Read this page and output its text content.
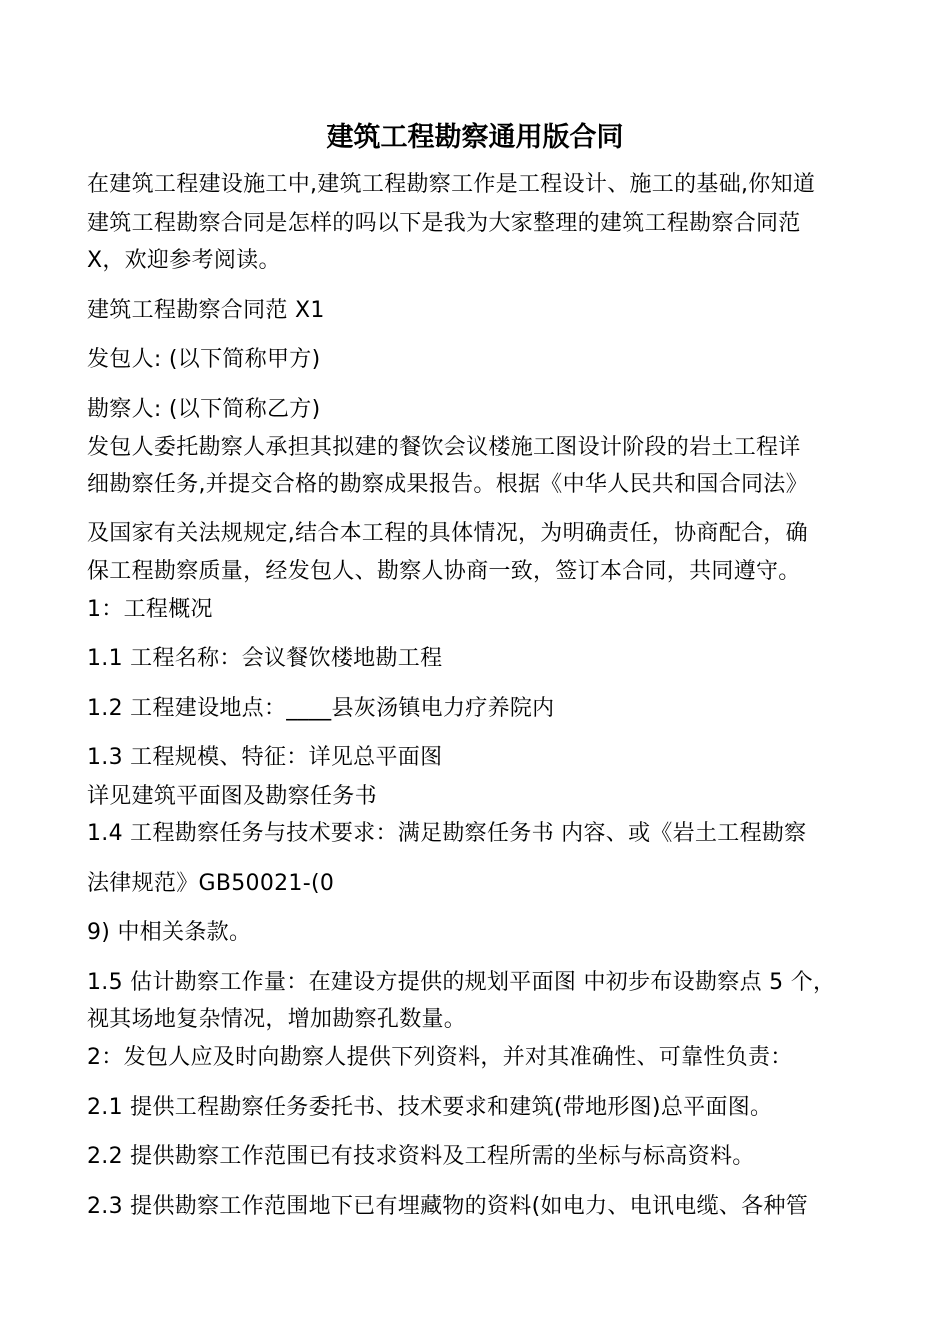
建筑工程勘察通用版合同
在建筑工程建设施工中,建筑工程勘察工作是工程设计、施工的基础,你知道
建筑工程勘察合同是怎样的吗以下是我为大家整理的建筑工程勘察合同范
X，欢迎参考阅读。
建筑工程勘察合同范 X1
发包人: (以下简称甲方)
勘察人: (以下简称乙方)
发包人委托勘察人承担其拟建的餐饮会议楼施工图设计阶段的岩土工程详
细勘察任务,并提交合格的勘察成果报告。根据《中华人民共和国合同法》
及国家有关法规规定,结合本工程的具体情况，为明确责任，协商配合，确
保工程勘察质量，经发包人、勘察人协商一致，签订本合同，共同遵守。
1：工程概况
1.1 工程名称：会议餐饮楼地勘工程
1.2 工程建设地点：____县灰汤镇电力疗养院内
1.3 工程规模、特征：详见总平面图
详见建筑平面图及勘察任务书
1.4 工程勘察任务与技术要求：满足勘察任务书 内容、或《岩土工程勘察
法律规范》GB50021-(0
9) 中相关条款。
1.5 估计勘察工作量：在建设方提供的规划平面图 中初步布设勘察点 5 个，
视其场地复杂情况，增加勘察孔数量。
2：发包人应及时向勘察人提供下列资料，并对其准确性、可靠性负责：
2.1 提供工程勘察任务委托书、技术要求和建筑(带地形图)总平面图。
2.2 提供勘察工作范围已有技求资料及工程所需的坐标与标高资料。
2.3 提供勘察工作范围地下已有埋藏物的资料(如电力、电讯电缆、各种管
